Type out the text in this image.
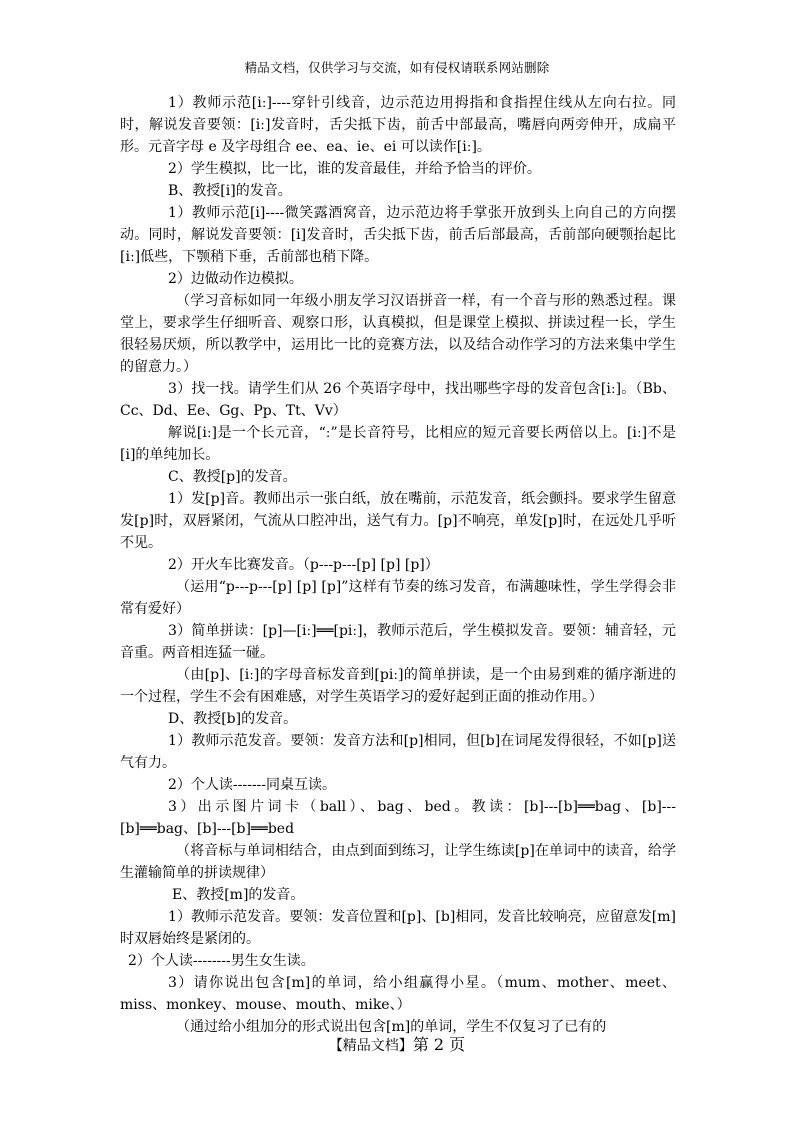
精品文档，仅供学习与交流，如有侵权请联系网站删除

1）教师示范[iː]----穿针引线音，边示范边用拇指和食指捏住线从左向右拉。同时，解说发音要领：[iː]发音时，舌尖抵下齿，前舌中部最高，嘴唇向两旁伸开，成扁平形。元音字母 e 及字母组合 ee、ea、ie、ei 可以读作[iː]。

2）学生模拟，比一比，谁的发音最佳，并给予恰当的评价。

B、教授[i]的发音。

1）教师示范[i]----微笑露酒窝音，边示范边将手掌张开放到头上向自己的方向摆动。同时，解说发音要领：[i]发音时，舌尖抵下齿，前舌后部最高，舌前部向硬颚抬起比[iː]低些，下颚稍下垂，舌前部也稍下降。

2）边做动作边模拟。

（学习音标如同一年级小朋友学习汉语拼音一样，有一个音与形的熟悉过程。课堂上，要求学生仔细听音、观察口形，认真模拟，但是课堂上模拟、拼读过程一长，学生很轻易厌烦，所以教学中，运用比一比的竞赛方法，以及结合动作学习的方法来集中学生的留意力。）

3）找一找。请学生们从 26 个英语字母中，找出哪些字母的发音包含[iː]。（Bb、Cc、Dd、Ee、Gg、Pp、Tt、Vv）

解说[iː]是一个长元音，“ː”是长音符号，比相应的短元音要长两倍以上。[iː]不是[i]的单纯加长。

C、教授[p]的发音。

1）发[p]音。教师出示一张白纸，放在嘴前，示范发音，纸会颤抖。要求学生留意发[p]时，双唇紧闭，气流从口腔冲出，送气有力。[p]不响亮，单发[p]时，在远处几乎听不见。

2）开火车比赛发音。（p---p---[p] [p] [p]）

（运用“p---p---[p] [p] [p]”这样有节奏的练习发音，布满趣味性，学生学得会非常有爱好）

3）简单拼读：[p]—[iː]══[piː]，教师示范后，学生模拟发音。要领：辅音轻，元音重。两音相连猛一碰。

（由[p]、[iː]的字母音标发音到[piː]的简单拼读，是一个由易到难的循序渐进的一个过程，学生不会有困难感，对学生英语学习的爱好起到正面的推动作用。）

D、教授[b]的发音。

1）教师示范发音。要领：发音方法和[p]相同，但[b]在词尾发得很轻，不如[p]送气有力。

2）个人读-------同桌互读。

3）出示图片词卡（ball）、bag、bed。教读：[b]---[b]══bag、[b]---[b]══bag、[b]---[b]══bed

（将音标与单词相结合，由点到面到练习，让学生练读[p]在单词中的读音，给学生灌输简单的拼读规律）

E、教授[m]的发音。

1）教师示范发音。要领：发音位置和[p]、[b]相同，发音比较响亮，应留意发[m]时双唇始终是紧闭的。

2）个人读--------男生女生读。

3）请你说出包含[m]的单词，给小组赢得小星。（mum、mother、meet、miss、monkey、mouse、mouth、mike、）

（通过给小组加分的形式说出包含[m]的单词，学生不仅复习了已有的

【精品文档】第 2 页
